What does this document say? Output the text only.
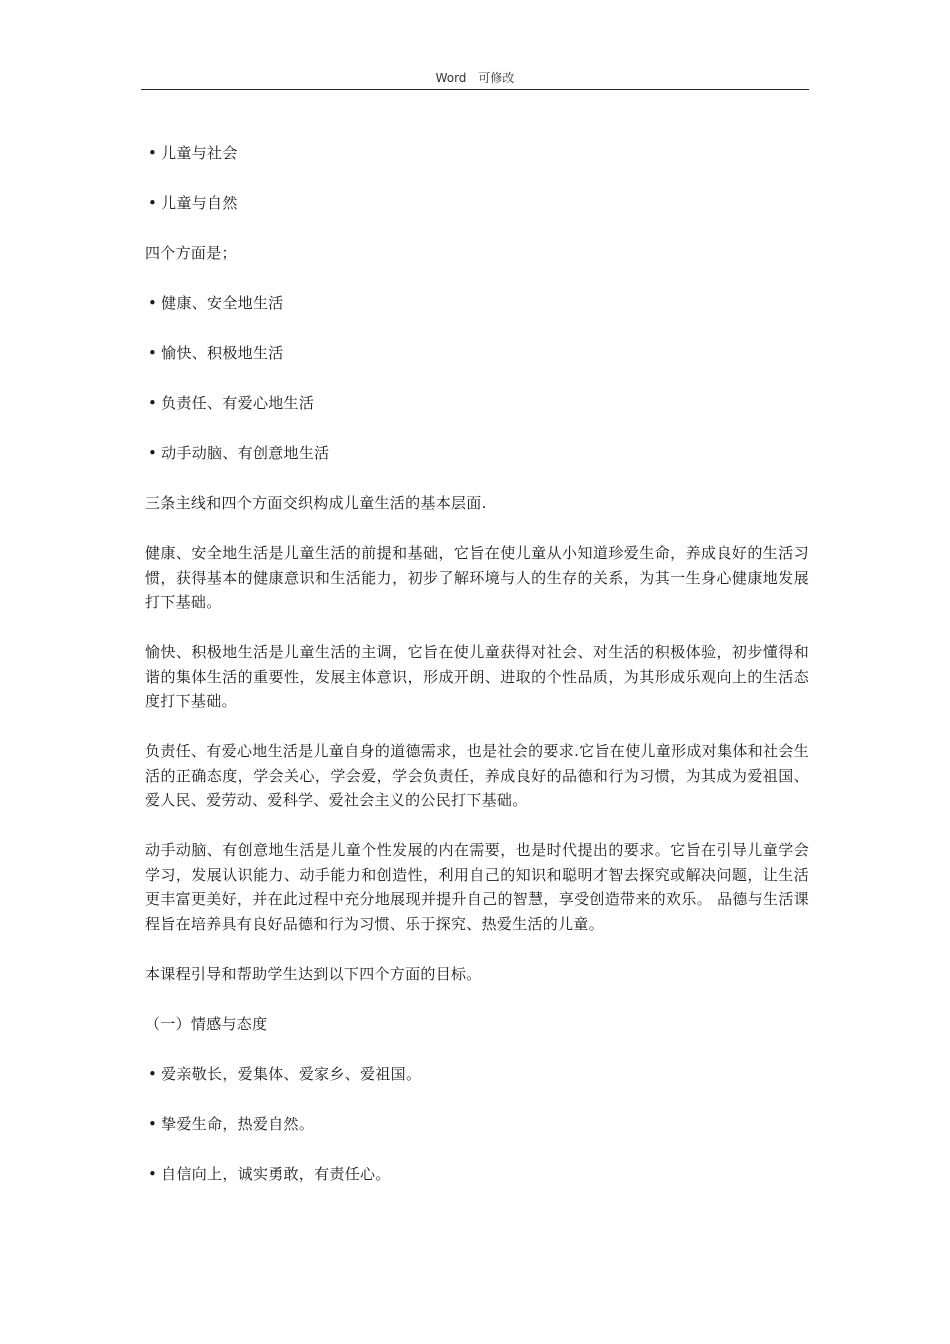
Word 可修改
• 儿童与社会
• 儿童与自然
四个方面是；
• 健康、安全地生活
• 愉快、积极地生活
• 负责任、有爱心地生活
• 动手动脑、有创意地生活
三条主线和四个方面交织构成儿童生活的基本层面.
健康、安全地生活是儿童生活的前提和基础，它旨在使儿童从小知道珍爱生命，养成良好的生活习惯，获得基本的健康意识和生活能力，初步了解环境与人的生存的关系，为其一生身心健康地发展打下基础。
愉快、积极地生活是儿童生活的主调，它旨在使儿童获得对社会、对生活的积极体验，初步懂得和谐的集体生活的重要性，发展主体意识，形成开朗、进取的个性品质，为其形成乐观向上的生活态度打下基础。
负责任、有爱心地生活是儿童自身的道德需求，也是社会的要求.它旨在使儿童形成对集体和社会生活的正确态度，学会关心，学会爱，学会负责任，养成良好的品德和行为习惯，为其成为爱祖国、爱人民、爱劳动、爱科学、爱社会主义的公民打下基础。
动手动脑、有创意地生活是儿童个性发展的内在需要，也是时代提出的要求。它旨在引导儿童学会学习，发展认识能力、动手能力和创造性，利用自己的知识和聪明才智去探究或解决问题，让生活更丰富更美好，并在此过程中充分地展现并提升自己的智慧，享受创造带来的欢乐。 品德与生活课程旨在培养具有良好品德和行为习惯、乐于探究、热爱生活的儿童。
本课程引导和帮助学生达到以下四个方面的目标。
（一）情感与态度
• 爱亲敬长，爱集体、爱家乡、爱祖国。
• 挚爱生命，热爱自然。
• 自信向上，诚实勇敢，有责任心。
